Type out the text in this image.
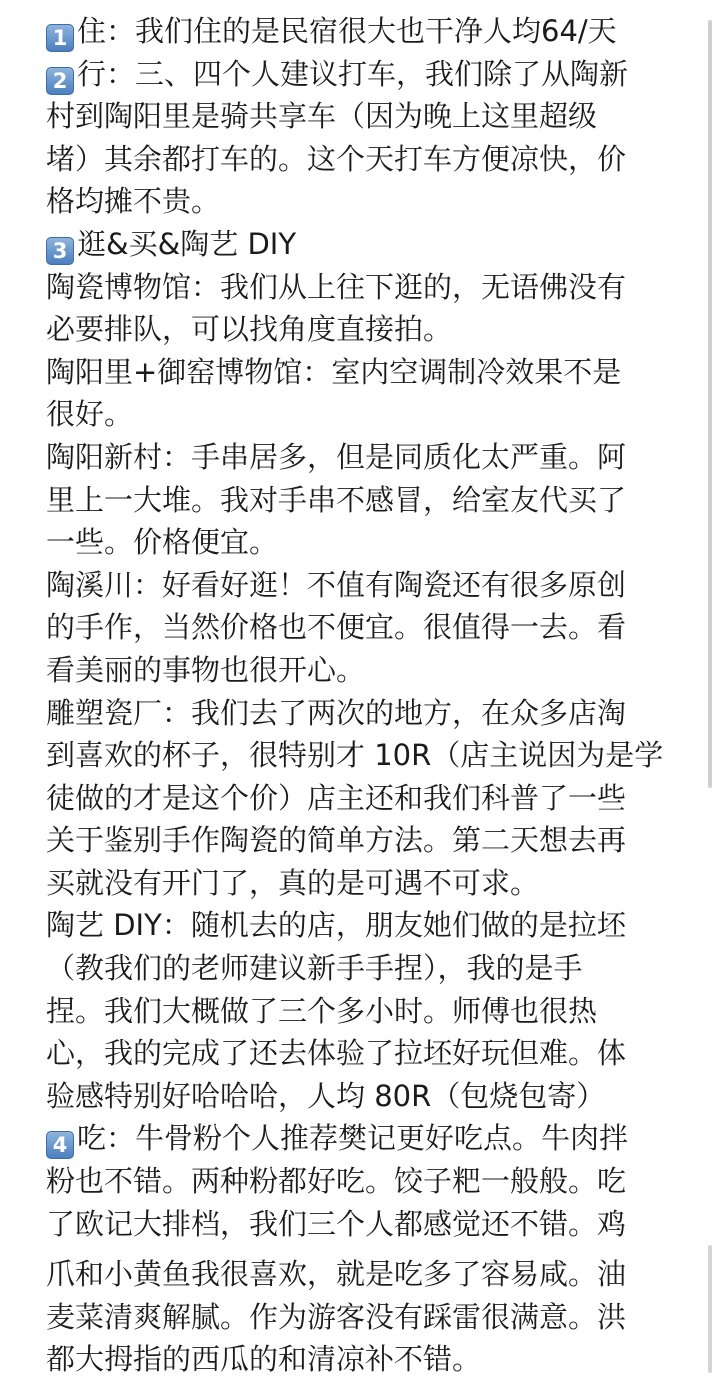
1 住：我们住的是民宿很大也干净人均64/天
2 行：三、四个人建议打车，我们除了从陶新
村到陶阳里是骑共享车（因为晚上这里超级
堵）其余都打车的。这个天打车方便凉快，价
格均摊不贵。
3 逛&买&陶艺 DIY
陶瓷博物馆：我们从上往下逛的，无语佛没有
必要排队，可以找角度直接拍。
陶阳里+御窑博物馆：室内空调制冷效果不是
很好。
陶阳新村：手串居多，但是同质化太严重。阿
里上一大堆。我对手串不感冒，给室友代买了
一些。价格便宜。
陶溪川：好看好逛！不值有陶瓷还有很多原创
的手作，当然价格也不便宜。很值得一去。看
看美丽的事物也很开心。
雕塑瓷厂：我们去了两次的地方，在众多店淘
到喜欢的杯子，很特别才 10R（店主说因为是学
徒做的才是这个价）店主还和我们科普了一些
关于鉴别手作陶瓷的简单方法。第二天想去再
买就没有开门了，真的是可遇不可求。
陶艺 DIY：随机去的店，朋友她们做的是拉坯
（教我们的老师建议新手手捏），我的是手
捏。我们大概做了三个多小时。师傅也很热
心，我的完成了还去体验了拉坯好玩但难。体
验感特别好哈哈哈，人均 80R（包烧包寄）
4 吃：牛骨粉个人推荐樊记更好吃点。牛肉拌
粉也不错。两种粉都好吃。饺子粑一般般。吃
了欧记大排档，我们三个人都感觉还不错。鸡
爪和小黄鱼我很喜欢，就是吃多了容易咸。油
麦菜清爽解腻。作为游客没有踩雷很满意。洪
都大拇指的西瓜的和清凉补不错。
